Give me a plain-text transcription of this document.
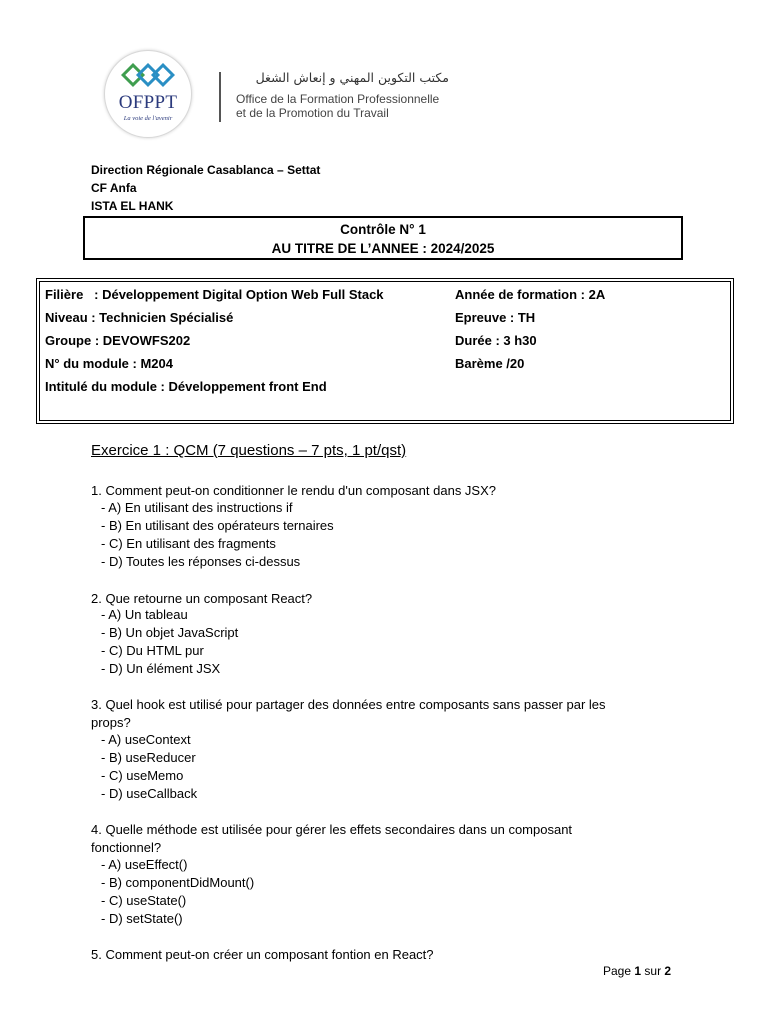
OFPPT
La voie de l'avenir
مكتب التكوين المهني و إنعاش الشغل
Office de la Formation Professionnelle
et de la Promotion du Travail
Direction Régionale Casablanca – Settat
CF Anfa
ISTA EL HANK
Contrôle N° 1
AU TITRE DE L’ANNEE : 2024/2025
Filière   : Développement Digital Option Web Full Stack
Niveau : Technicien Spécialisé
Groupe : DEVOWFS202
N° du module : M204
Intitulé du module : Développement front End
Année de formation : 2A
Epreuve : TH
Durée : 3 h30
Barème /20
Exercice 1 : QCM (7 questions – 7 pts, 1 pt/qst)
1. Comment peut-on conditionner le rendu d'un composant dans JSX?
- A) En utilisant des instructions if
- B) En utilisant des opérateurs ternaires
- C) En utilisant des fragments
- D) Toutes les réponses ci-dessus
2. Que retourne un composant React?
- A) Un tableau
- B) Un objet JavaScript
- C) Du HTML pur
- D) Un élément JSX
3. Quel hook est utilisé pour partager des données entre composants sans passer par les
props?
- A) useContext
- B) useReducer
- C) useMemo
- D) useCallback
4. Quelle méthode est utilisée pour gérer les effets secondaires dans un composant
fonctionnel?
- A) useEffect()
- B) componentDidMount()
- C) useState()
- D) setState()
5. Comment peut-on créer un composant fontion en React?
Page 1 sur 2
